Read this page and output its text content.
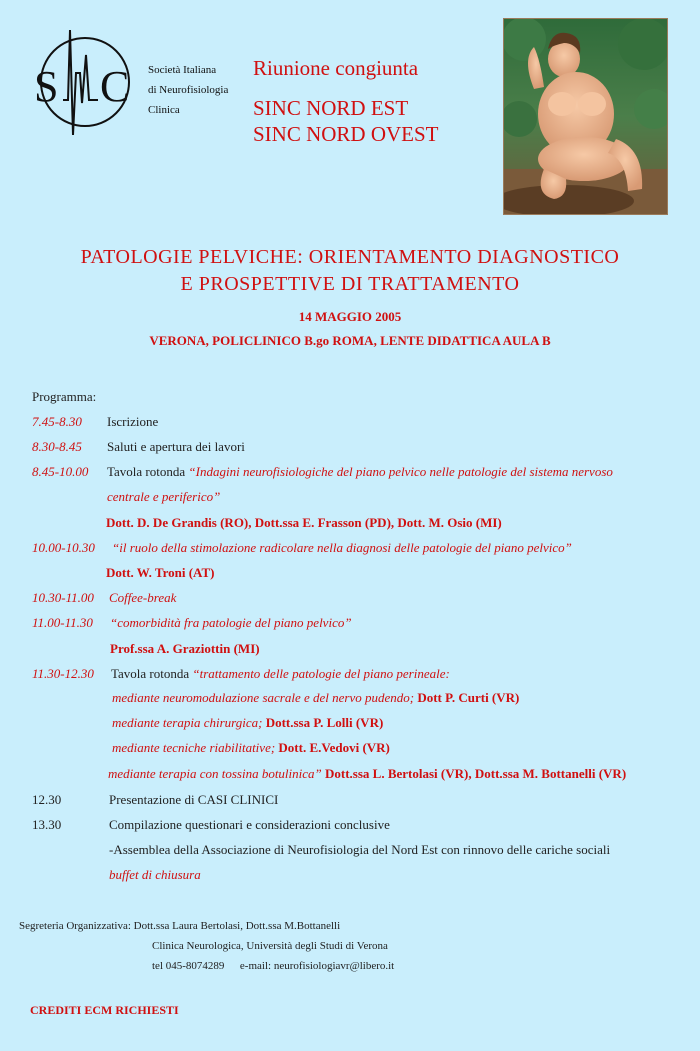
S C Società Italiana
di Neurofisiologia
Clinica
Riunione congiunta
SINC NORD EST
SINC NORD OVEST
PATOLOGIE PELVICHE: ORIENTAMENTO DIAGNOSTICO
E PROSPETTIVE DI TRATTAMENTO
14 MAGGIO 2005
VERONA, POLICLINICO B.go ROMA, LENTE DIDATTICA AULA B
Programma:
7.45-8.30 Iscrizione
8.30-8.45 Saluti e apertura dei lavori
8.45-10.00 Tavola rotonda “Indagini neurofisiologiche del piano pelvico nelle patologie del sistema nervoso
centrale e periferico”
Dott. D. De Grandis (RO), Dott.ssa E. Frasson (PD), Dott. M. Osio (MI)
10.00-10.30 “il ruolo della stimolazione radicolare nella diagnosi delle patologie del piano pelvico”
Dott. W. Troni (AT)
10.30-11.00 Coffee-break
11.00-11.30 “comorbidità fra patologie del piano pelvico”
Prof.ssa A. Graziottin (MI)
11.30-12.30 Tavola rotonda “trattamento delle patologie del piano perineale:
mediante neuromodulazione sacrale e del nervo pudendo; Dott P. Curti (VR)
mediante terapia chirurgica; Dott.ssa P. Lolli (VR)
mediante tecniche riabilitative; Dott. E.Vedovi (VR)
mediante terapia con tossina botulinica” Dott.ssa L. Bertolasi (VR), Dott.ssa M. Bottanelli (VR)
12.30	Presentazione di CASI CLINICI
13.30	Compilazione questionari e considerazioni conclusive
-Assemblea della Associazione di Neurofisiologia del Nord Est con rinnovo delle cariche sociali
buffet di chiusura
Segreteria Organizzativa: Dott.ssa Laura Bertolasi, Dott.ssa M.Bottanelli
Clinica Neurologica, Università degli Studi di Verona
tel 045-8074289 e-mail: neurofisiologiavr@libero.it
CREDITI ECM RICHIESTI
